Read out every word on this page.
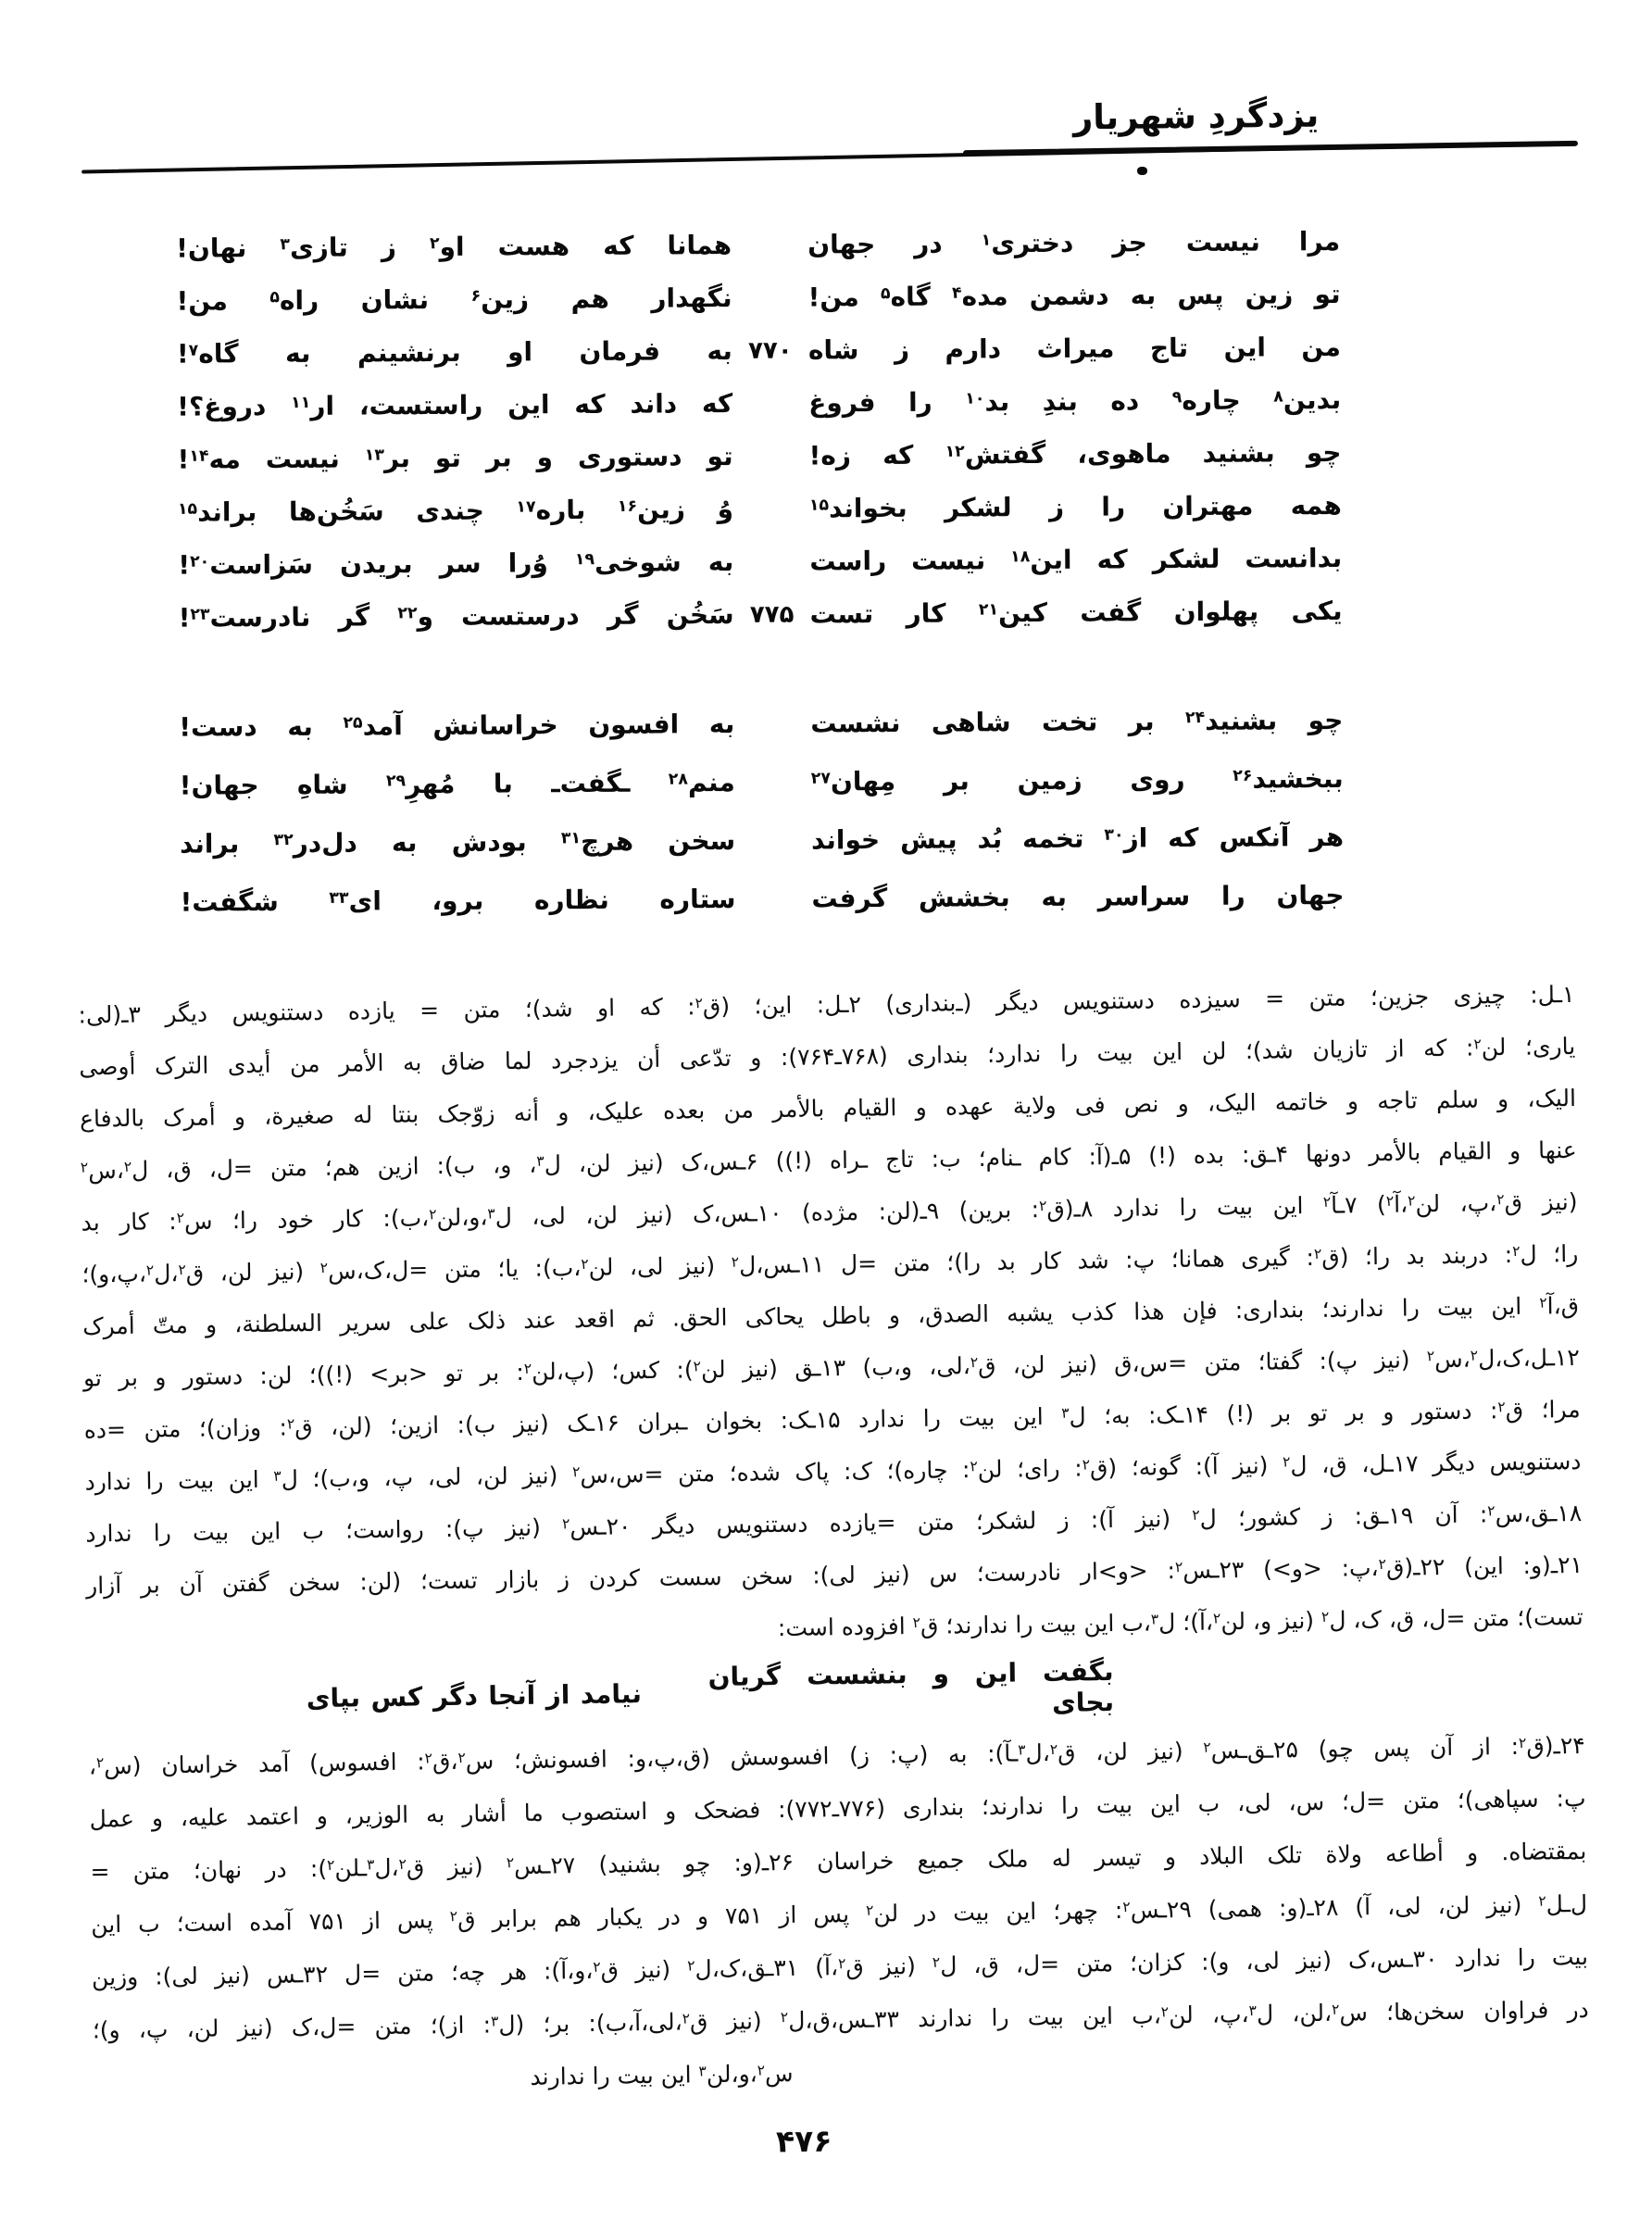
یزدگردِ شهریار
مرا نیست جز دختری$^۱$ در جهان
همانا که هست او$^۲$ ز تازی$^۳$ نهان!
تو زین پس به دشمن مده$^۴$ گاه$^۵$ من!
نگهدار هم زین$^۶$ نشان راه$^۵$ من!
من این تاج میراث دارم ز شاه
۷۷۰
به فرمان او برنشینم به گاه$^۷$!
بدین$^۸$ چاره$^۹$ ده بندِ بد$^{۱۰}$ را فروغ
که داند که این راستست، ار$^{۱۱}$ دروغ؟!
چو بشنید ماهوی، گفتش$^{۱۲}$ که زه!
تو دستوری و بر تو بر$^{۱۳}$ نیست مه$^{۱۴}$!
همه مهتران را ز لشکر بخواند$^{۱۵}$
وُ زین$^{۱۶}$ باره$^{۱۷}$ چندی سَخُن‌ها براند$^{۱۵}$
بدانست لشکر که این$^{۱۸}$ نیست راست
به شوخی$^{۱۹}$ وُرا سر بریدن سَزاست$^{۲۰}$!
یکی پهلوان گفت کین$^{۲۱}$ کار تست
۷۷۵
سَخُن گر درستست و$^{۲۲}$ گر نادرست$^{۲۳}$!
چو بشنید$^{۲۴}$ بر تخت شاهی نشست
به افسون خراسانش آمد$^{۲۵}$ به دست!
ببخشید$^{۲۶}$ روی زمین بر مِهان$^{۲۷}$
منم$^{۲۸}$ ـگفت‌ـ با مُهرِ$^{۲۹}$ شاهِ جهان!
هر آنکس که از$^{۳۰}$ تخمه بُد پیش خواند
سخن هرچ$^{۳۱}$ بودش به دل‌در$^{۳۲}$ براند
جهان را سراسر به بخشش گرفت
ستاره نظاره برو، ای$^{۳۳}$ شگفت!
۱ـل: چیزی جزین؛ متن = سیزده دستنویس دیگر (ـ‌بنداری) ۲ـل: این؛ (ق$^۲$: که او شد)؛ متن = یازده دستنویس دیگر ۳ـ(لی:
یاری؛ لن$^۲$: که از تازیان شد)؛ لن این بیت را ندارد؛ بنداری (۷۶۸ـ۷۶۴): و تدّعی أن یزدجرد لما ضاق به الأمر من أیدی الترک أوصی
الیک، و سلم تاجه و خاتمه الیک، و نص فی ولایة عهده و القیام بالأمر من بعده علیک، و أنه زوّجک بنتا له صغیرة، و أمرک بالدفاع
عنها و القیام بالأمر دونها ۴ـق: بده (!) ۵ـ(آ: کام ـنام؛ ب: تاج ـراه (!)) ۶ـس،ک (نیز لن، ل$^۳$، و، ب): ازین هم؛ متن =ل، ق، ل$^۲$،س$^۲$
(نیز ق$^۲$،پ، لن$^۲$،آ$^۲$) ۷ـآ$^۲$ این بیت را ندارد ۸ـ(ق$^۲$: برین) ۹ـ(لن: مژده) ۱۰ـس،ک (نیز لن، لی، ل$^۳$،و،لن$^۲$،ب): کار خود را؛ س$^۲$: کار بد
را؛ ل$^۲$: دربند بد را؛ (ق$^۲$: گیری همانا؛ پ: شد کار بد را)؛ متن =ل ۱۱ـس،ل$^۲$ (نیز لی، لن$^۲$،ب): یا؛ متن =ل،ک،س$^۲$ (نیز لن، ق$^۲$،ل$^۲$،پ،و)؛
ق،آ$^۲$ این بیت را ندارند؛ بنداری: فإن هذا کذب یشبه الصدق، و باطل یحاکی الحق. ثم اقعد عند ذلک علی سریر السلطنة، و متّ أمرک
۱۲ـل،ک،ل$^۲$،س$^۲$ (نیز پ): گفتا؛ متن =س،ق (نیز لن، ق$^۲$،لی، و،ب) ۱۳ـق (نیز لن$^۲$): کس؛ (پ،لن$^۲$: بر تو <بر> (!))؛ لن: دستور و بر تو
مرا؛ ق$^۲$: دستور و بر تو بر (!) ۱۴ـک: به؛ ل$^۳$ این بیت را ندارد ۱۵ـک: بخوان ـبران ۱۶ـک (نیز ب): ازین؛ (لن، ق$^۲$: وزان)؛ متن =ده
دستنویس دیگر ۱۷ـل، ق، ل$^۲$ (نیز آ): گونه؛ (ق$^۲$: رای؛ لن$^۲$: چاره)؛ ک: پاک شده؛ متن =س،س$^۲$ (نیز لن، لی، پ، و،ب)؛ ل$^۳$ این بیت را ندارد
۱۸ـق،س$^۲$: آن ۱۹ـق: ز کشور؛ ل$^۲$ (نیز آ): ز لشکر؛ متن =یازده دستنویس دیگر ۲۰ـس$^۲$ (نیز پ): رواست؛ ب این بیت را ندارد
۲۱ـ(و: این) ۲۲ـ(ق$^۲$،پ: <و>) ۲۳ـس$^۲$: <و>ار نادرست؛ س (نیز لی): سخن سست کردن ز بازار تست؛ (لن: سخن گفتن آن بر آزار
تست)؛ متن =ل، ق، ک، ل$^۲$ (نیز و، لن$^۲$،آ)؛ ل$^۳$،ب این بیت را ندارند؛ ق$^۲$ افزوده است:
بگفت این و بنشست گریان بجای
نیامد از آنجا دگر کس بپای
۲۴ـ(ق$^۲$: از آن پس چو) ۲۵ـق‌ـس$^۲$ (نیز لن، ق$^۲$،ل$^۳$ـآ): به (پ: ز) افسوسش (ق،پ،و: افسونش؛ س$^۲$،ق$^۲$: افسوس) آمد خراسان (س$^۲$،
پ: سپاهی)؛ متن =ل؛ س، لی، ب این بیت را ندارند؛ بنداری (۷۷۶ـ۷۷۲): فضحک و استصوب ما أشار به الوزیر، و اعتمد علیه، و عمل
بمقتضاه. و أطاعه ولاة تلک البلاد و تیسر له ملک جمیع خراسان ۲۶ـ(و: چو بشنید) ۲۷ـس$^۲$ (نیز ق$^۲$،ل$^۳$ـلن$^۲$): در نهان؛ متن =
ل‌ـل$^۲$ (نیز لن، لی، آ) ۲۸ـ(و: همی) ۲۹ـس$^۲$: چهر؛ این بیت در لن$^۲$ پس از ۷۵۱ و در یکبار هم برابر ق$^۲$ پس از ۷۵۱ آمده است؛ ب این
بیت را ندارد ۳۰ـس،ک (نیز لی، و): کزان؛ متن =ل، ق، ل$^۲$ (نیز ق$^۲$،آ) ۳۱ـق،ک،ل$^۲$ (نیز ق$^۲$،و،آ): هر چه؛ متن =ل ۳۲ـس (نیز لی): وزین
در فراوان سخن‌ها؛ س$^۲$،لن، ل$^۳$،پ، لن$^۲$،ب این بیت را ندارند ۳۳ـس،ق،ل$^۲$ (نیز ق$^۲$،لی،آ،ب): بر؛ (ل$^۳$: از)؛ متن =ل،ک (نیز لن، پ، و)؛
س$^۲$،و،لن$^۳$ این بیت را ندارند
۴۷۶
